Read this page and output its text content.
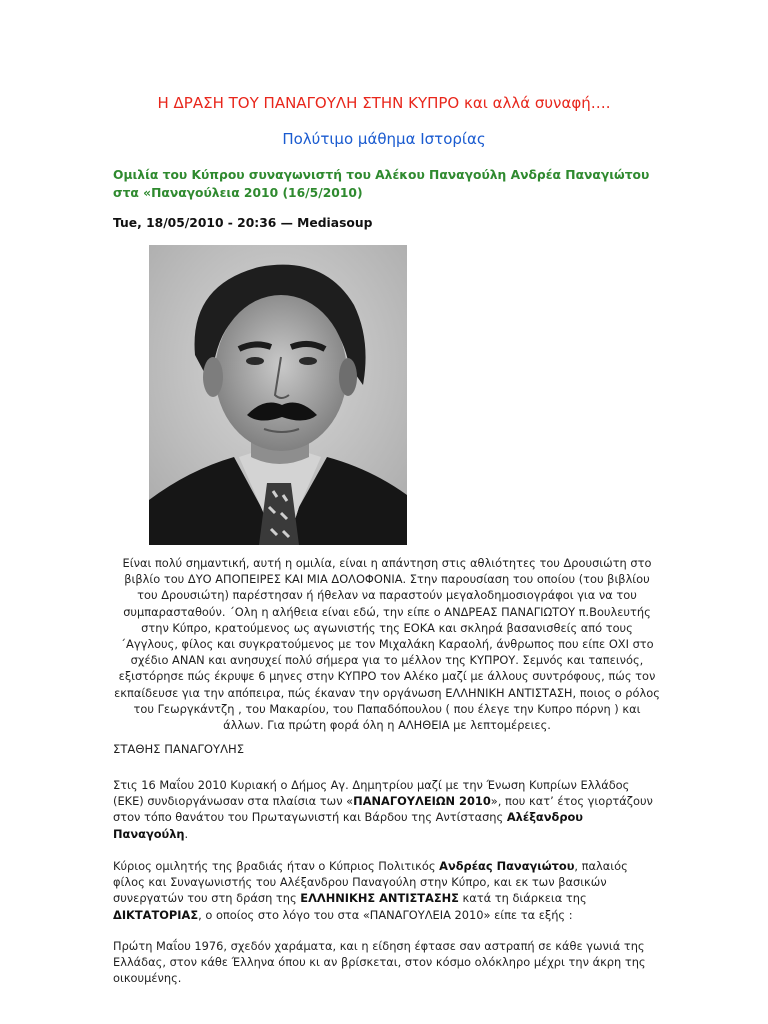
Η ΔΡΑΣΗ ΤΟΥ ΠΑΝΑΓΟΥΛΗ ΣΤΗΝ ΚΥΠΡΟ και αλλά συναφή….
Πολύτιμο μάθημα Ιστορίας
Ομιλία του Κύπρου συναγωνιστή του Αλέκου Παναγούλη Ανδρέα Παναγιώτου στα «Παναγούλεια 2010 (16/5/2010)
Tue, 18/05/2010 - 20:36 — Mediasoup
Είναι πολύ σημαντική, αυτή η ομιλία, είναι η απάντηση στις αθλιότητες του Δρουσιώτη στο βιβλίο του ΔΥΟ ΑΠΟΠΕΙΡΕΣ ΚΑΙ ΜΙΑ ΔΟΛΟΦΟΝΙΑ. Στην παρουσίαση του οποίου (του βιβλίου του Δρουσιώτη) παρέστησαν ή ήθελαν να παραστούν μεγαλοδημοσιογράφοι για να του συμπαρασταθούν. ΄Ολη η αλήθεια είναι εδώ, την είπε ο ΑΝΔΡΕΑΣ ΠΑΝΑΓΙΩΤΟΥ π.Βουλευτής στην Κύπρο, κρατούμενος ως αγωνιστής της ΕΟΚΑ και σκληρά βασανισθείς από τους ΄Αγγλους, φίλος και συγκρατούμενος με τον Μιχαλάκη Καραολή, άνθρωπος που είπε ΟΧΙ στο σχέδιο ΑΝΑΝ και ανησυχεί πολύ σήμερα για το μέλλον της ΚΥΠΡΟΥ. Σεμνός και ταπεινός, εξιστόρησε πώς έκρυψε 6 μηνες στην ΚΥΠΡΟ τον Αλέκο μαζί με άλλους συντρόφους, πώς τον εκπαίδευσε για την απόπειρα, πώς έκαναν την οργάνωση ΕΛΛΗΝΙΚΗ ΑΝΤΙΣΤΑΣΗ, ποιος ο ρόλος του Γεωργκάντζη , του Μακαρίου, του Παπαδόπουλου ( που έλεγε την Κυπρο πόρνη ) και άλλων. Για πρώτη φορά όλη η ΑΛΗΘΕΙΑ με λεπτομέρειες.
ΣΤΑΘΗΣ ΠΑΝΑΓΟΥΛΗΣ
Στις 16 Μαΐου 2010 Κυριακή ο Δήμος Αγ. Δημητρίου μαζί με την Ένωση Κυπρίων Ελλάδος (ΕΚΕ) συνδιοργάνωσαν στα πλαίσια των «ΠΑΝΑΓΟΥΛΕΙΩΝ 2010», που κατ’ έτος γιορτάζουν στον τόπο θανάτου του Πρωταγωνιστή και Βάρδου της Αντίστασης Αλέξανδρου Παναγούλη.
Κύριος ομιλητής της βραδιάς ήταν ο Κύπριος Πολιτικός Ανδρέας Παναγιώτου, παλαιός φίλος και Συναγωνιστής του Αλέξανδρου Παναγούλη στην Κύπρο, και εκ των βασικών συνεργατών του στη δράση της ΕΛΛΗΝΙΚΗΣ ΑΝΤΙΣΤΑΣΗΣ κατά τη διάρκεια της ΔΙΚΤΑΤΟΡΙΑΣ, ο οποίος στο λόγο του στα «ΠΑΝΑΓΟΥΛΕΙΑ 2010» είπε τα εξής :
Πρώτη Μαΐου 1976, σχεδόν χαράματα, και η είδηση έφτασε σαν αστραπή σε κάθε γωνιά της Ελλάδας, στον κάθε Έλληνα όπου κι αν βρίσκεται, στον κόσμο ολόκληρο μέχρι την άκρη της οικουμένης.
